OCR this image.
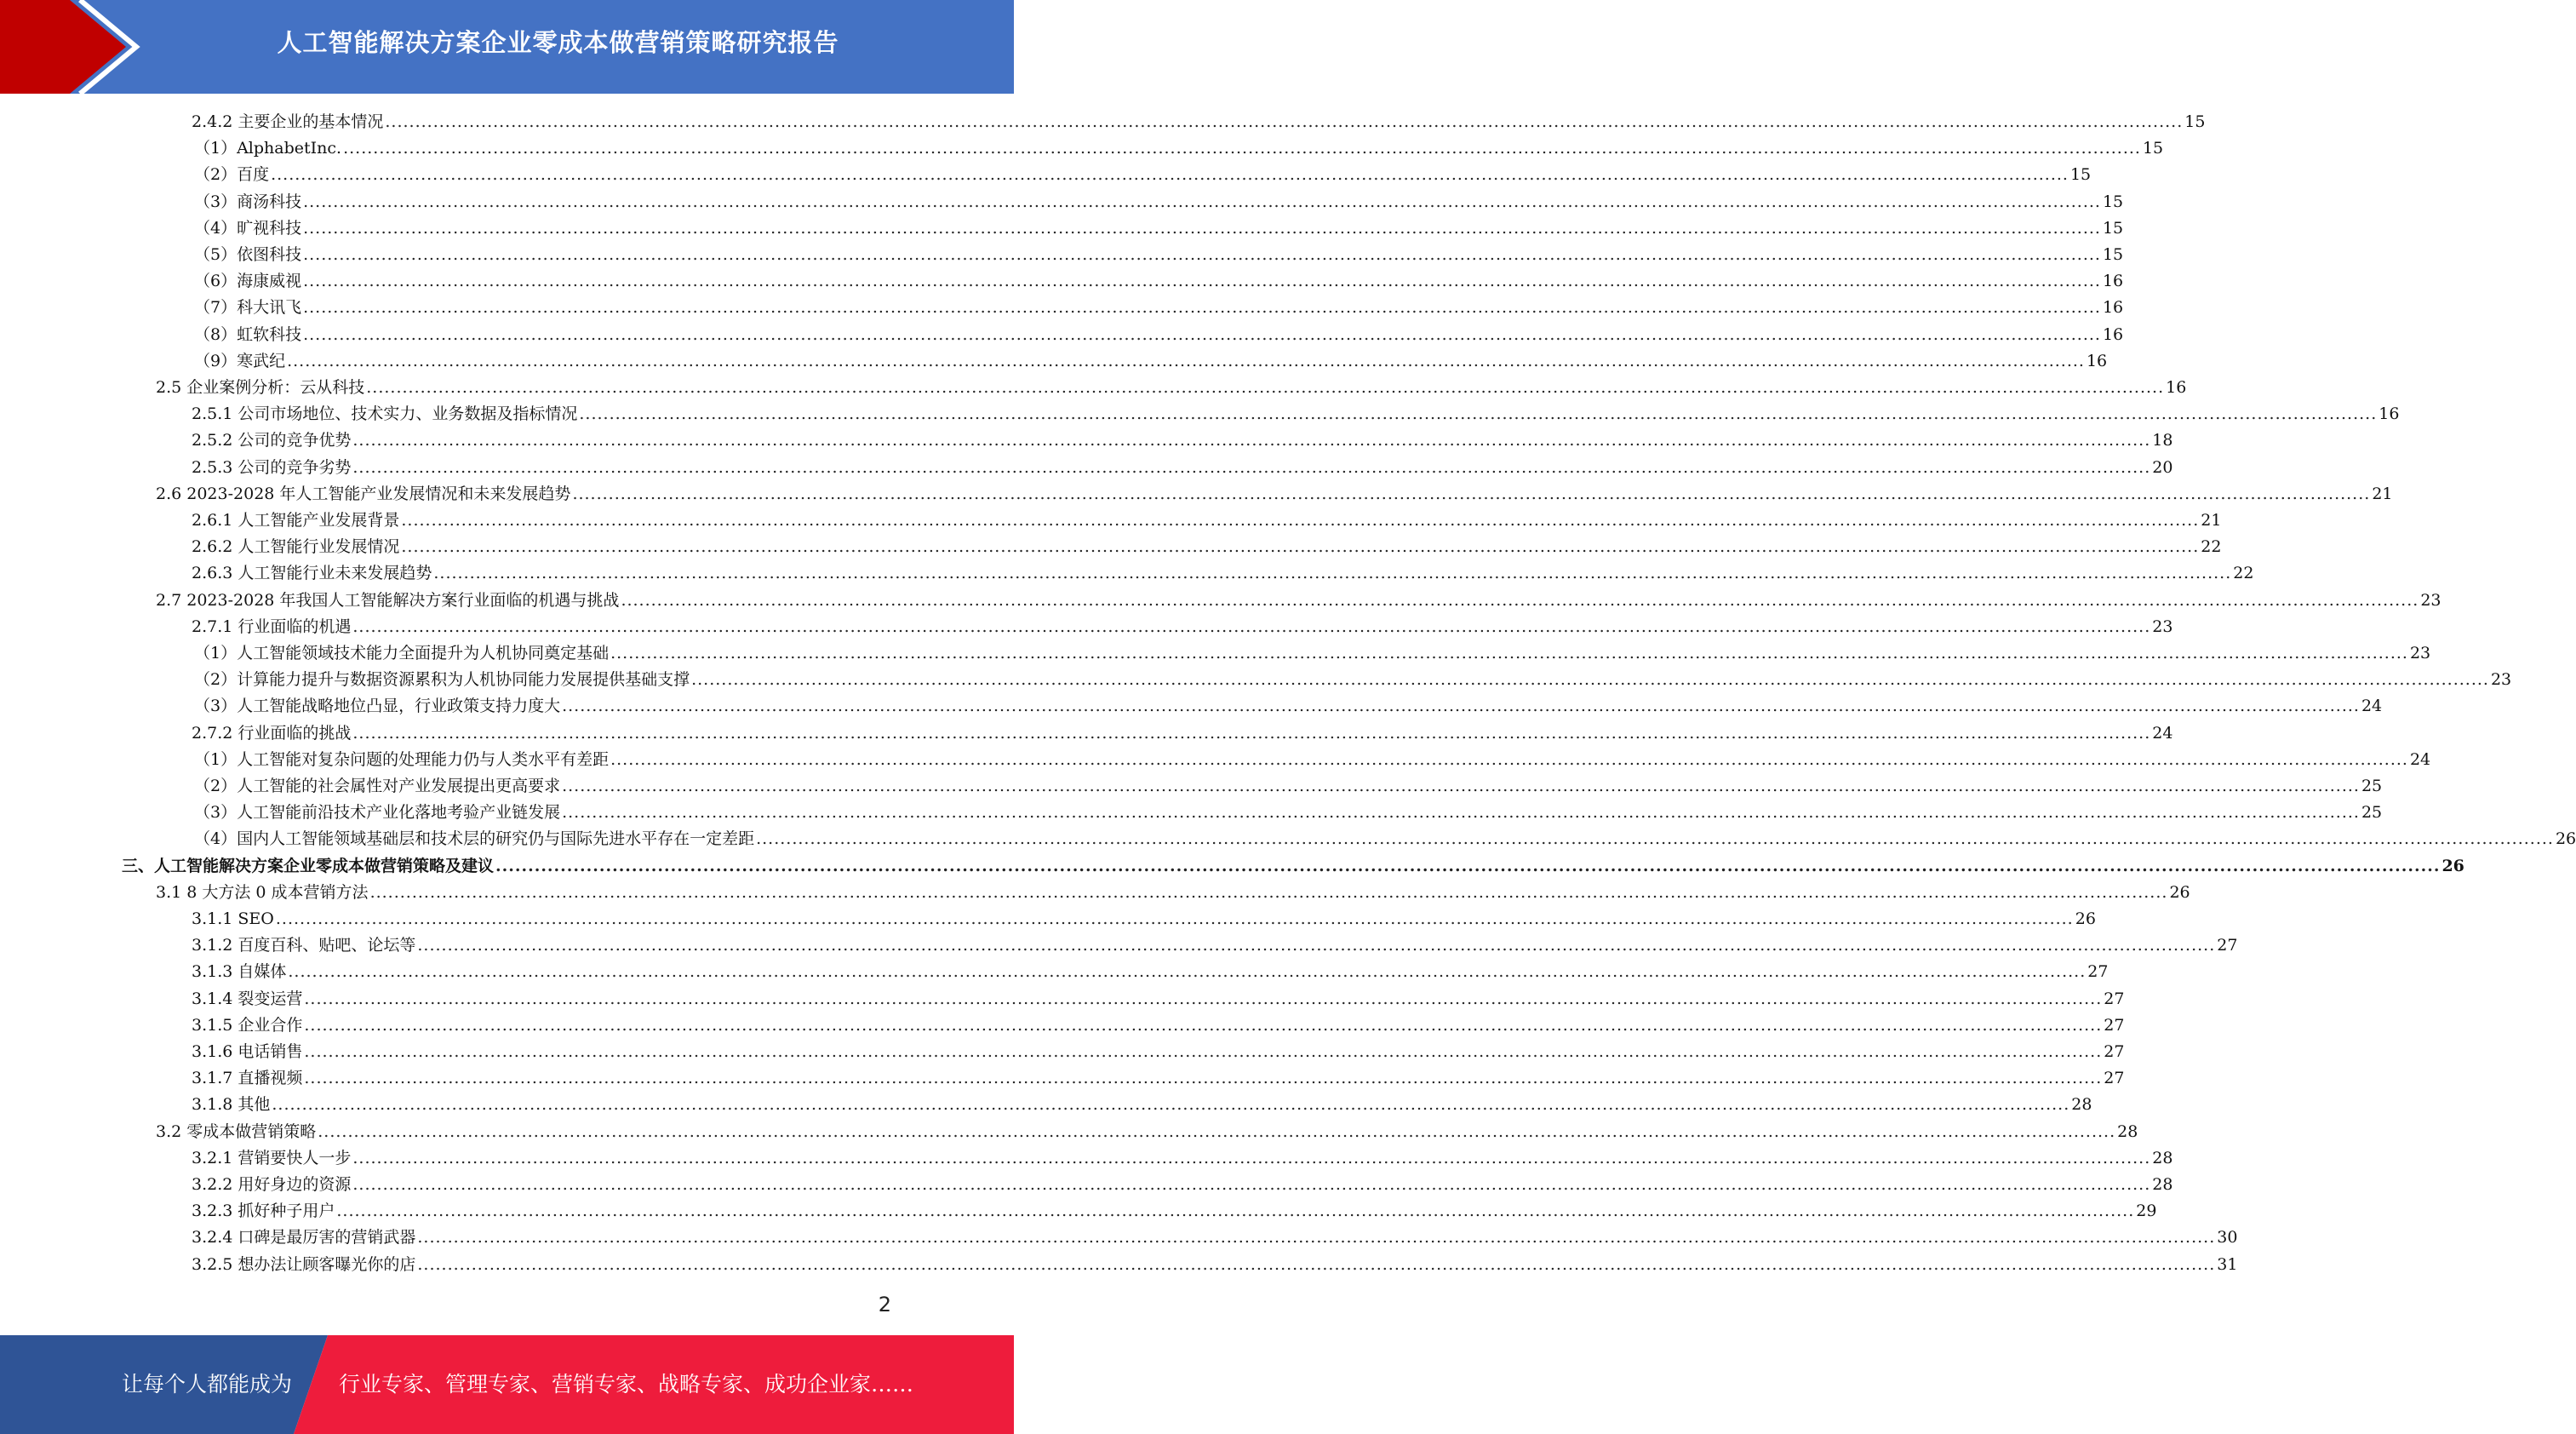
人工智能解决方案企业零成本做营销策略研究报告
2.4.2 主要企业的基本情况 ............................................................................................................................................................................................................................................................................................................ 15
（1）AlphabetInc. ............................................................................................................................................................................................................................................................................................................ 15
（2）百度 ............................................................................................................................................................................................................................................................................................................ 15
（3）商汤科技 ............................................................................................................................................................................................................................................................................................................ 15
（4）旷视科技 ............................................................................................................................................................................................................................................................................................................ 15
（5）依图科技 ............................................................................................................................................................................................................................................................................................................ 15
（6）海康威视 ............................................................................................................................................................................................................................................................................................................ 16
（7）科大讯飞 ............................................................................................................................................................................................................................................................................................................ 16
（8）虹软科技 ............................................................................................................................................................................................................................................................................................................ 16
（9）寒武纪 ............................................................................................................................................................................................................................................................................................................ 16
2.5 企业案例分析：云从科技 ............................................................................................................................................................................................................................................................................................................ 16
2.5.1 公司市场地位、技术实力、业务数据及指标情况 ............................................................................................................................................................................................................................................................................................................ 16
2.5.2 公司的竞争优势 ............................................................................................................................................................................................................................................................................................................ 18
2.5.3 公司的竞争劣势 ............................................................................................................................................................................................................................................................................................................ 20
2.6 2023-2028 年人工智能产业发展情况和未来发展趋势 ............................................................................................................................................................................................................................................................................................................ 21
2.6.1 人工智能产业发展背景 ............................................................................................................................................................................................................................................................................................................ 21
2.6.2 人工智能行业发展情况 ............................................................................................................................................................................................................................................................................................................ 22
2.6.3 人工智能行业未来发展趋势 ............................................................................................................................................................................................................................................................................................................ 22
2.7 2023-2028 年我国人工智能解决方案行业面临的机遇与挑战 ............................................................................................................................................................................................................................................................................................................ 23
2.7.1 行业面临的机遇 ............................................................................................................................................................................................................................................................................................................ 23
（1）人工智能领域技术能力全面提升为人机协同奠定基础 ............................................................................................................................................................................................................................................................................................................ 23
（2）计算能力提升与数据资源累积为人机协同能力发展提供基础支撑 ............................................................................................................................................................................................................................................................................................................ 23
（3）人工智能战略地位凸显，行业政策支持力度大 ............................................................................................................................................................................................................................................................................................................ 24
2.7.2 行业面临的挑战 ............................................................................................................................................................................................................................................................................................................ 24
（1）人工智能对复杂问题的处理能力仍与人类水平有差距 ............................................................................................................................................................................................................................................................................................................ 24
（2）人工智能的社会属性对产业发展提出更高要求 ............................................................................................................................................................................................................................................................................................................ 25
（3）人工智能前沿技术产业化落地考验产业链发展 ............................................................................................................................................................................................................................................................................................................ 25
（4）国内人工智能领域基础层和技术层的研究仍与国际先进水平存在一定差距 ............................................................................................................................................................................................................................................................................................................ 26
三、人工智能解决方案企业零成本做营销策略及建议 ............................................................................................................................................................................................................................................................................................................ 26
3.1 8 大方法 0 成本营销方法 ............................................................................................................................................................................................................................................................................................................ 26
3.1.1 SEO ............................................................................................................................................................................................................................................................................................................ 26
3.1.2 百度百科、贴吧、论坛等 ............................................................................................................................................................................................................................................................................................................ 27
3.1.3 自媒体 ............................................................................................................................................................................................................................................................................................................ 27
3.1.4 裂变运营 ............................................................................................................................................................................................................................................................................................................ 27
3.1.5 企业合作 ............................................................................................................................................................................................................................................................................................................ 27
3.1.6 电话销售 ............................................................................................................................................................................................................................................................................................................ 27
3.1.7 直播视频 ............................................................................................................................................................................................................................................................................................................ 27
3.1.8 其他 ............................................................................................................................................................................................................................................................................................................ 28
3.2 零成本做营销策略 ............................................................................................................................................................................................................................................................................................................ 28
3.2.1 营销要快人一步 ............................................................................................................................................................................................................................................................................................................ 28
3.2.2 用好身边的资源 ............................................................................................................................................................................................................................................................................................................ 28
3.2.3 抓好种子用户 ............................................................................................................................................................................................................................................................................................................ 29
3.2.4 口碑是最厉害的营销武器 ............................................................................................................................................................................................................................................................................................................ 30
3.2.5 想办法让顾客曝光你的店 ............................................................................................................................................................................................................................................................................................................ 31
2
让每个人都能成为 行业专家、管理专家、营销专家、战略专家、成功企业家……
